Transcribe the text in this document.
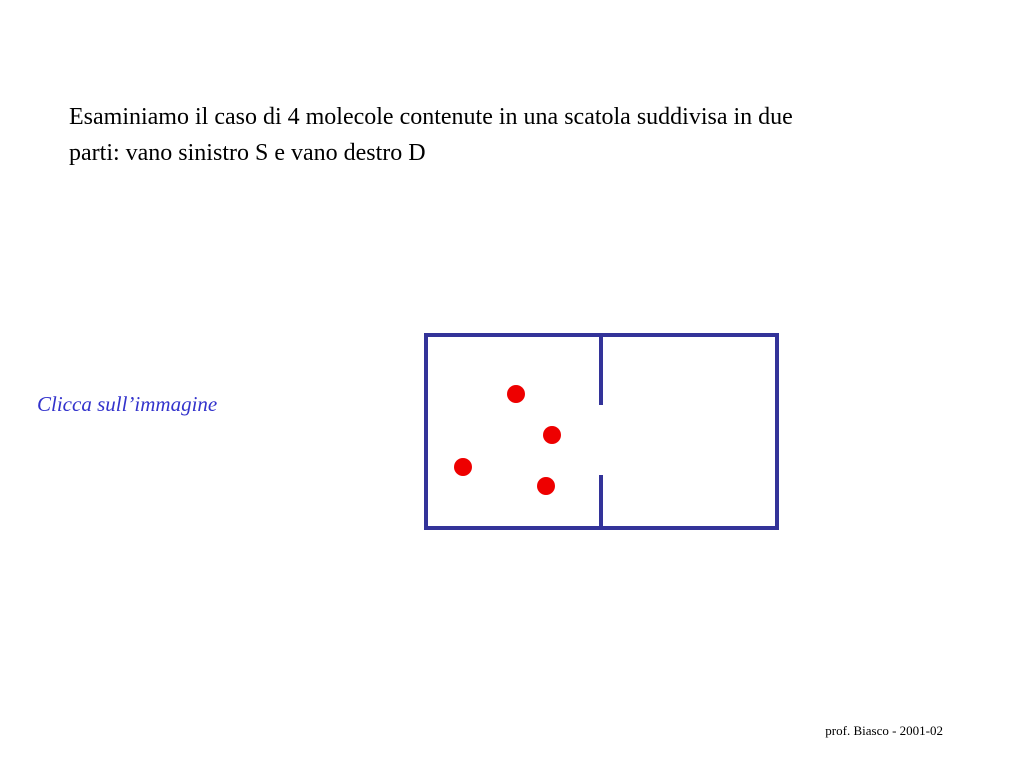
Esaminiamo il caso di 4 molecole contenute in una scatola suddivisa in due
parti: vano sinistro S e vano destro D
Clicca sull’immagine
prof. Biasco - 2001-02
